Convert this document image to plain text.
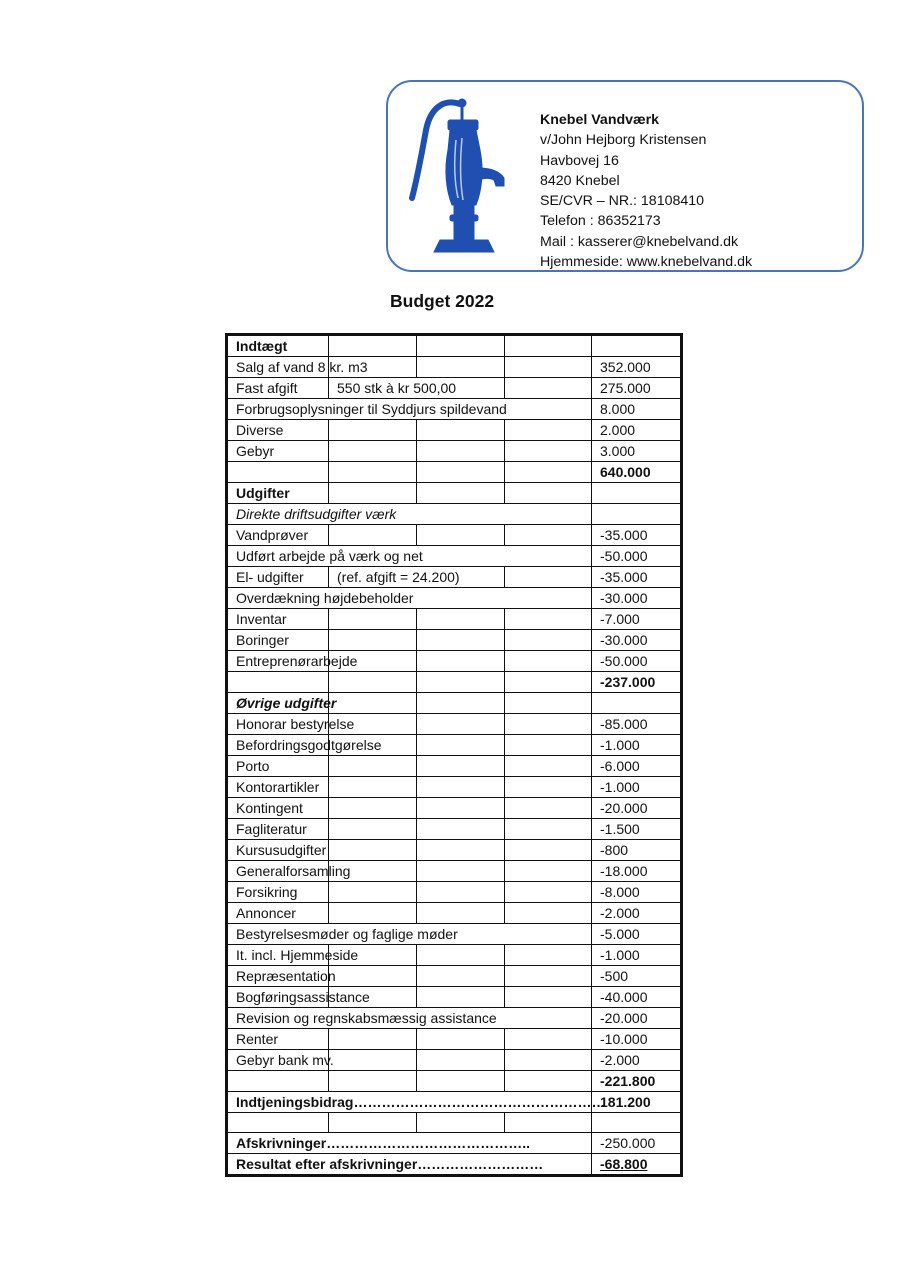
Knebel Vandværk
v/John Hejborg Kristensen
Havbovej 16
8420 Knebel
SE/CVR – NR.: 18108410
Telefon : 86352173
Mail : kasserer@knebelvand.dk
Hjemmeside: www.knebelvand.dk
Budget 2022
Indtægt				
Salg af vand 8 kr. m3				352.000
Fast afgift	550 stk à kr 500,00			275.000
Forbrugsoplysninger til Syddjurs spildevand				8.000
Diverse				2.000
Gebyr				3.000
				640.000
Udgifter				
Direkte driftsudgifter værk				
Vandprøver				-35.000
Udført arbejde på værk og net				-50.000
El- udgifter	(ref. afgift = 24.200)			-35.000
Overdækning højdebeholder				-30.000
Inventar				-7.000
Boringer				-30.000
Entreprenørarbejde				-50.000
				-237.000
Øvrige udgifter				
Honorar bestyrelse				-85.000
Befordringsgodtgørelse				-1.000
Porto				-6.000
Kontorartikler				-1.000
Kontingent				-20.000
Fagliteratur				-1.500
Kursusudgifter				-800
Generalforsamling				-18.000
Forsikring				-8.000
Annoncer				-2.000
Bestyrelsesmøder og faglige møder				-5.000
It. incl. Hjemmeside				-1.000
Repræsentation				-500
Bogføringsassistance				-40.000
Revision og regnskabsmæssig assistance				-20.000
Renter				-10.000
Gebyr bank mv.				-2.000
				-221.800
Indtjeningsbidrag………………………………………………				181.200

Afskrivninger……………………………………..				-250.000
Resultat efter afskrivninger………………………				-68.800
